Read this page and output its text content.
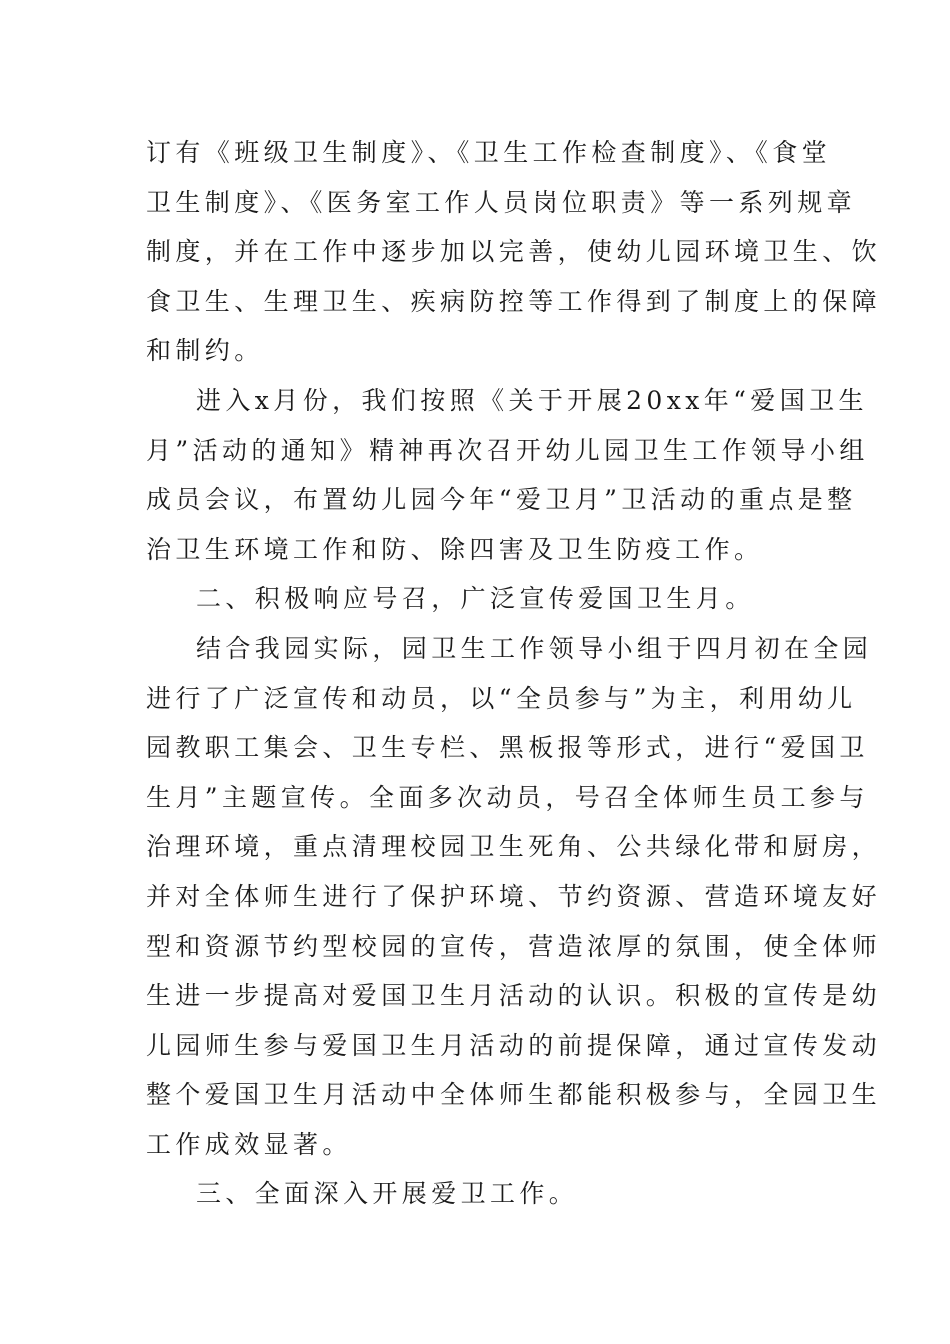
订有《班级卫生制度》、《卫生工作检查制度》、《食堂
卫生制度》、《医务室工作人员岗位职责》等一系列规章
制度，并在工作中逐步加以完善，使幼儿园环境卫生、饮
食卫生、生理卫生、疾病防控等工作得到了制度上的保障
和制约。
进入x月份，我们按照《关于开展20xx年“爱国卫生
月”活动的通知》精神再次召开幼儿园卫生工作领导小组
成员会议，布置幼儿园今年“爱卫月”卫活动的重点是整
治卫生环境工作和防、除四害及卫生防疫工作。
二、积极响应号召，广泛宣传爱国卫生月。
结合我园实际，园卫生工作领导小组于四月初在全园
进行了广泛宣传和动员，以“全员参与”为主，利用幼儿
园教职工集会、卫生专栏、黑板报等形式，进行“爱国卫
生月”主题宣传。全面多次动员，号召全体师生员工参与
治理环境，重点清理校园卫生死角、公共绿化带和厨房，
并对全体师生进行了保护环境、节约资源、营造环境友好
型和资源节约型校园的宣传，营造浓厚的氛围，使全体师
生进一步提高对爱国卫生月活动的认识。积极的宣传是幼
儿园师生参与爱国卫生月活动的前提保障，通过宣传发动
整个爱国卫生月活动中全体师生都能积极参与，全园卫生
工作成效显著。
三、全面深入开展爱卫工作。
